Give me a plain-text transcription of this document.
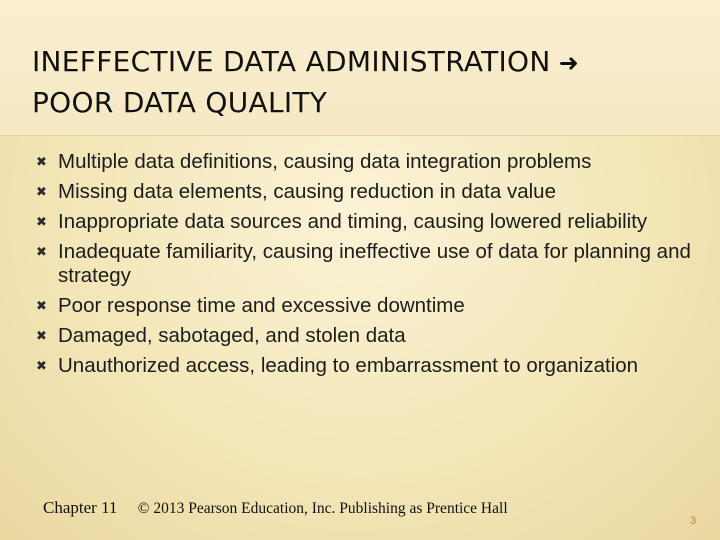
INEFFECTIVE DATA ADMINISTRATION ➜
POOR DATA QUALITY
✖ Multiple data definitions, causing data integration problems
✖ Missing data elements, causing reduction in data value
✖ Inappropriate data sources and timing, causing lowered reliability
✖ Inadequate familiarity, causing ineffective use of data for planning and strategy
✖ Poor response time and excessive downtime
✖ Damaged, sabotaged, and stolen data
✖ Unauthorized access, leading to embarrassment to organization
Chapter 11 © 2013 Pearson Education, Inc. Publishing as Prentice Hall
3
